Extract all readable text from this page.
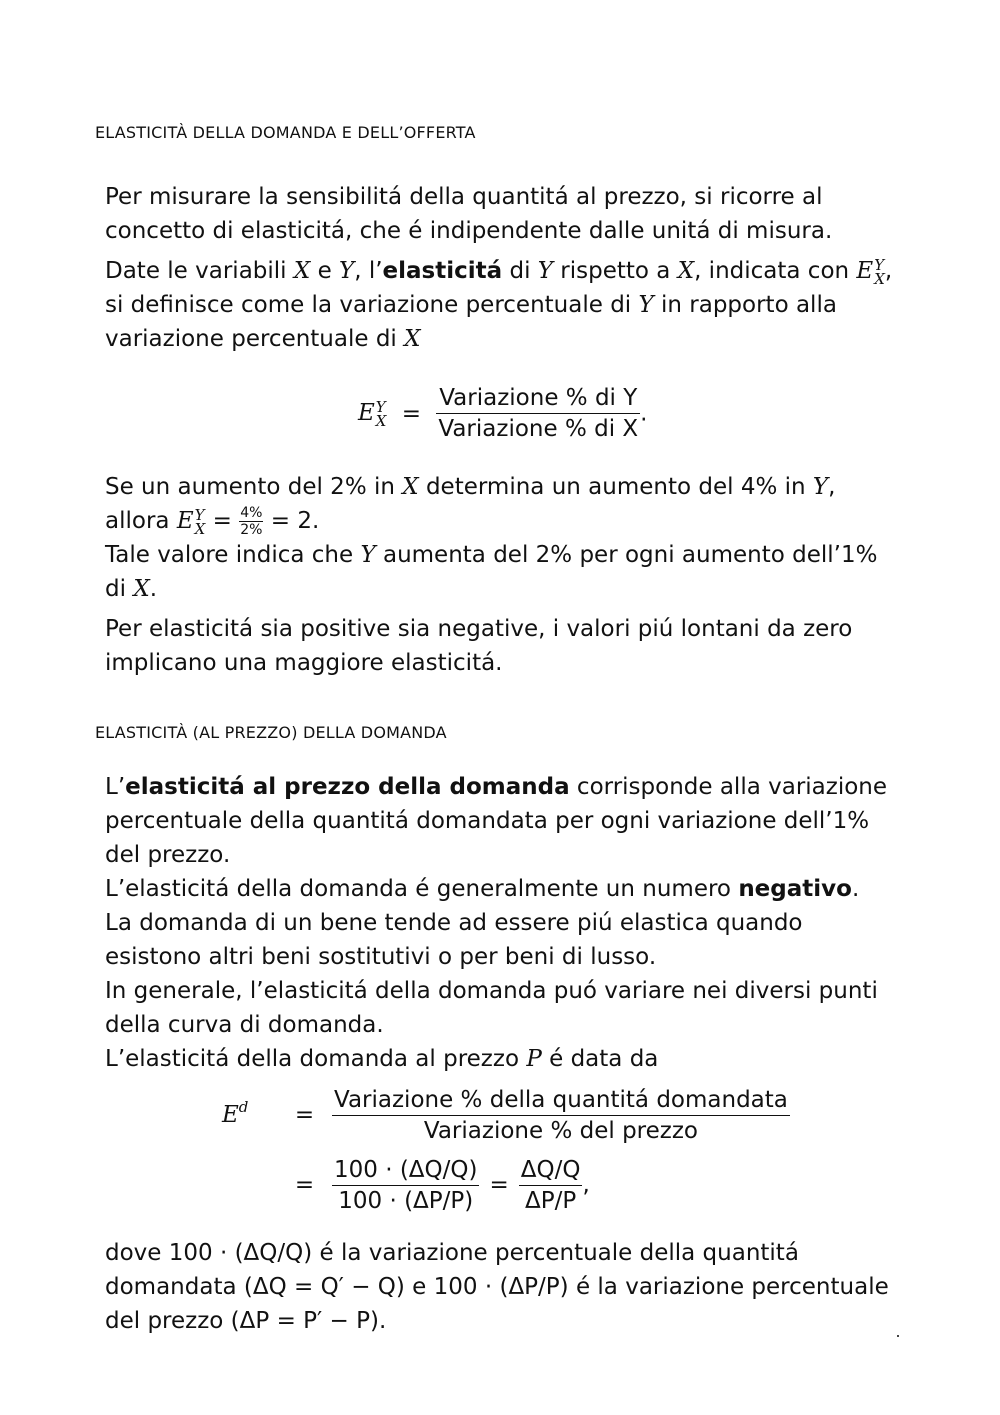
ELASTICITÀ DELLA DOMANDA E DELL’OFFERTA

Per misurare la sensibilitá della quantitá al prezzo, si ricorre al concetto di elasticitá, che é indipendente dalle unitá di misura.

Date le variabili X e Y, l’elasticitá di Y rispetto a X, indicata con E Y
X , si definisce come la variazione percentuale di Y in rapporto alla variazione percentuale di X

E Y
$X = \frac{\text{Variazione \% di Y}}{\text{Variazione \% di X}}$ .

Se un aumento del 2% in X determina un aumento del 4% in Y, allora E Y
$X = \frac{4\%}{2\%} = 2$.

Tale valore indica che Y aumenta del 2% per ogni aumento dell’1% di X.

Per elasticitá sia positive sia negative, i valori piú lontani da zero implicano una maggiore elasticitá.

ELASTICITÀ (AL PREZZO) DELLA DOMANDA

L’elasticitá al prezzo della domanda corrisponde alla variazione percentuale della quantitá domandata per ogni variazione dell’1% del prezzo.

L’elasticitá della domanda é generalmente un numero negativo.

La domanda di un bene tende ad essere piú elastica quando esistono altri beni sostitutivi o per beni di lusso.

In generale, l’elasticitá della domanda puó variare nei diversi punti della curva di domanda.

L’elasticitá della domanda al prezzo P é data da

$E^d$	= $\frac{\text{Variazione \% della quantitá domandata}}{\text{Variazione \% del prezzo}}$
= $\frac{100 \cdot (\Delta Q/Q)}{100 \cdot (\Delta P/P)} = \frac{\Delta Q/Q}{\Delta P/P}$ ,

dove 100 · (ΔQ/Q) é la variazione percentuale della quantitá domandata (ΔQ = Q′ − Q) e 100 · (ΔP/P) é la variazione percentuale del prezzo (ΔP = P′ − P).
